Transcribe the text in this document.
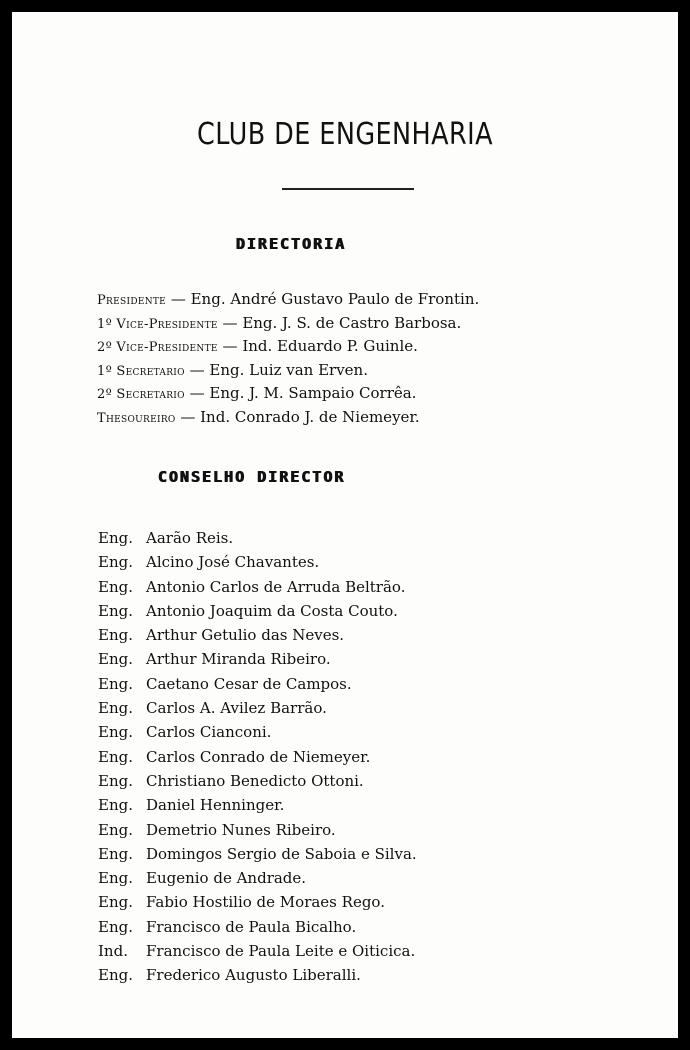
CLUB DE ENGENHARIA
DIRECTORIA
Presidente — Eng. André Gustavo Paulo de Frontin.
1º Vice-Presidente — Eng. J. S. de Castro Barbosa.
2º Vice-Presidente — Ind. Eduardo P. Guinle.
1º Secretario — Eng. Luiz van Erven.
2º Secretario — Eng. J. M. Sampaio Corrêa.
Thesoureiro — Ind. Conrado J. de Niemeyer.
CONSELHO DIRECTOR
Eng. Aarão Reis.
Eng. Alcino José Chavantes.
Eng. Antonio Carlos de Arruda Beltrão.
Eng. Antonio Joaquim da Costa Couto.
Eng. Arthur Getulio das Neves.
Eng. Arthur Miranda Ribeiro.
Eng. Caetano Cesar de Campos.
Eng. Carlos A. Avilez Barrão.
Eng. Carlos Cianconi.
Eng. Carlos Conrado de Niemeyer.
Eng. Christiano Benedicto Ottoni.
Eng. Daniel Henninger.
Eng. Demetrio Nunes Ribeiro.
Eng. Domingos Sergio de Saboia e Silva.
Eng. Eugenio de Andrade.
Eng. Fabio Hostilio de Moraes Rego.
Eng. Francisco de Paula Bicalho.
Ind. Francisco de Paula Leite e Oiticica.
Eng. Frederico Augusto Liberalli.
